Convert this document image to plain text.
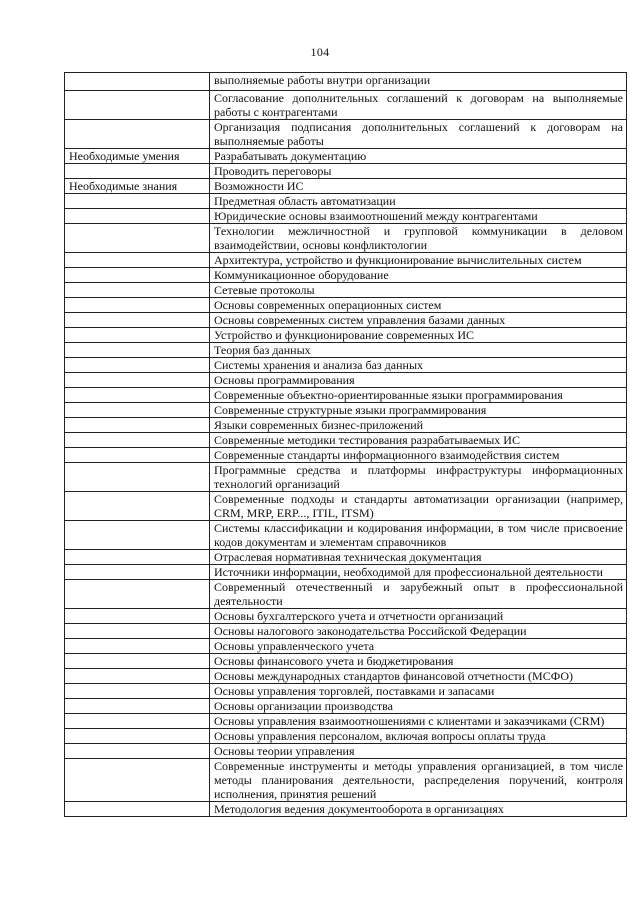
104
	выполняемые работы внутри организации
	Согласование дополнительных соглашений к договорам на выполняемые работы с контрагентами
	Организация подписания дополнительных соглашений к договорам на выполняемые работы
Необходимые умения	Разрабатывать документацию
	Проводить переговоры
Необходимые знания	Возможности ИС
	Предметная область автоматизации
	Юридические основы взаимоотношений между контрагентами
	Технологии межличностной и групповой коммуникации в деловом взаимодействии, основы конфликтологии
	Архитектура, устройство и функционирование вычислительных систем
	Коммуникационное оборудование
	Сетевые протоколы
	Основы современных операционных систем
	Основы современных систем управления базами данных
	Устройство и функционирование современных ИС
	Теория баз данных
	Системы хранения и анализа баз данных
	Основы программирования
	Современные объектно-ориентированные языки программирования
	Современные структурные языки программирования
	Языки современных бизнес-приложений
	Современные методики тестирования разрабатываемых ИС
	Современные стандарты информационного взаимодействия систем
	Программные средства и платформы инфраструктуры информационных технологий организаций
	Современные подходы и стандарты автоматизации организации (например, CRM, MRP, ERP..., ITIL, ITSM)
	Системы классификации и кодирования информации, в том числе присвоение кодов документам и элементам справочников
	Отраслевая нормативная техническая документация
	Источники информации, необходимой для профессиональной деятельности
	Современный отечественный и зарубежный опыт в профессиональной деятельности
	Основы бухгалтерского учета и отчетности организаций
	Основы налогового законодательства Российской Федерации
	Основы управленческого учета
	Основы финансового учета и бюджетирования
	Основы международных стандартов финансовой отчетности (МСФО)
	Основы управления торговлей, поставками и запасами
	Основы организации производства
	Основы управления взаимоотношениями с клиентами и заказчиками (CRM)
	Основы управления персоналом, включая вопросы оплаты труда
	Основы теории управления
	Современные инструменты и методы управления организацией, в том числе методы планирования деятельности, распределения поручений, контроля исполнения, принятия решений
	Методология ведения документооборота в организациях
